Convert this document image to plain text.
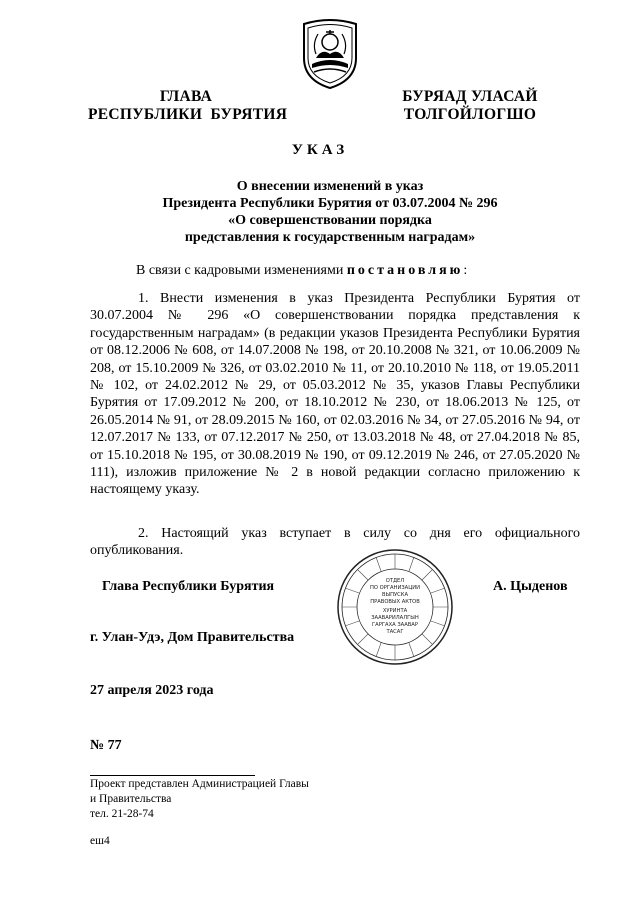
ГЛАВА
РЕСПУБЛИКИ  БУРЯТИЯ
БУРЯАД УЛАСАЙ
ТОЛГОЙЛОГШО
УКАЗ
О внесении изменений в указ
Президента Республики Бурятия от 03.07.2004 № 296
«О совершенствовании порядка
представления к государственным наградам»
В связи с кадровыми изменениями постановляю:
1. Внести изменения в указ Президента Республики Бурятия от 30.07.2004 № 296 «О совершенствовании порядка представления к государственным наградам» (в редакции указов Президента Республики Бурятия от 08.12.2006 № 608, от 14.07.2008 № 198, от 20.10.2008 № 321, от 10.06.2009 № 208, от 15.10.2009 № 326, от 03.02.2010 № 11, от 20.10.2010 № 118, от 19.05.2011 № 102, от 24.02.2012 № 29, от 05.03.2012 № 35, указов Главы Республики Бурятия от 17.09.2012 № 200, от 18.10.2012 № 230, от 18.06.2013 № 125, от 26.05.2014 № 91, от 28.09.2015 № 160, от 02.03.2016 № 34, от 27.05.2016 № 94, от 12.07.2017 № 133, от 07.12.2017 № 250, от 13.03.2018 № 48, от 27.04.2018 № 85, от 15.10.2018 № 195, от 30.08.2019 № 190, от 09.12.2019 № 246, от 27.05.2020 № 111), изложив приложение № 2 в новой редакции согласно приложению к настоящему указу.
2. Настоящий указ вступает в силу со дня его официального опубликования.
ОТДЕЛ
ПО ОРГАНИЗАЦИИ
ВЫПУСКА
ПРАВОВЫХ АКТОВ
ХУРИНТА
ЗААВАРИЛАЛГЫН
ГАРГАХА ЗААВАР
ТАСАГ
Глава Республики Бурятия	А. Цыденов
г. Улан-Удэ, Дом Правительства
27 апреля 2023 года
№ 77
Проект представлен Администрацией Главы
и Правительства
тел. 21-28-74
еш4
